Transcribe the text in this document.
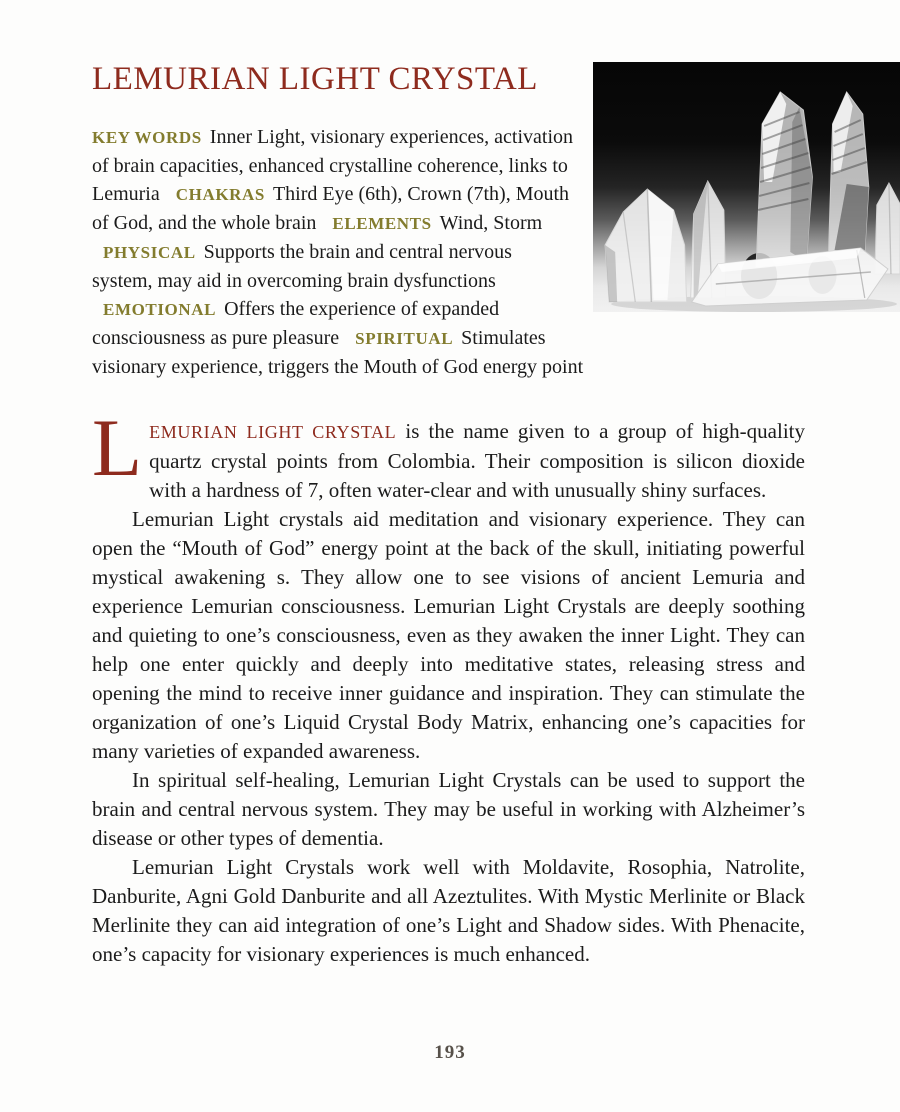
LEMURIAN LIGHT CRYSTAL

KEY WORDS Inner Light, visionary experiences, activation of brain capacities, enhanced crystalline coherence, links to Lemuria CHAKRAS Third Eye (6th), Crown (7th), Mouth of God, and the whole brain ELEMENTS Wind, Storm PHYSICAL Supports the brain and central nervous system, may aid in overcoming brain dysfunctions EMOTIONAL Offers the experience of expanded consciousness as pure pleasure SPIRITUAL Stimulates visionary experience, triggers the Mouth of God energy point

LEMURIAN LIGHT CRYSTAL is the name given to a group of high-quality quartz crystal points from Colombia. Their composition is silicon dioxide with a hardness of 7, often water-clear and with unusually shiny surfaces.

Lemurian Light crystals aid meditation and visionary experience. They can open the “Mouth of God” energy point at the back of the skull, initiating powerful mystical awakening s. They allow one to see visions of ancient Lemuria and experience Lemurian consciousness. Lemurian Light Crystals are deeply soothing and quieting to one’s consciousness, even as they awaken the inner Light. They can help one enter quickly and deeply into meditative states, releasing stress and opening the mind to receive inner guidance and inspiration. They can stimulate the organization of one’s Liquid Crystal Body Matrix, enhancing one’s capacities for many varieties of expanded awareness.

In spiritual self-healing, Lemurian Light Crystals can be used to support the brain and central nervous system. They may be useful in working with Alzheimer’s disease or other types of dementia.

Lemurian Light Crystals work well with Moldavite, Rosophia, Natrolite, Danburite, Agni Gold Danburite and all Azeztulites. With Mystic Merlinite or Black Merlinite they can aid integration of one’s Light and Shadow sides. With Phenacite, one’s capacity for visionary experiences is much enhanced.

193
